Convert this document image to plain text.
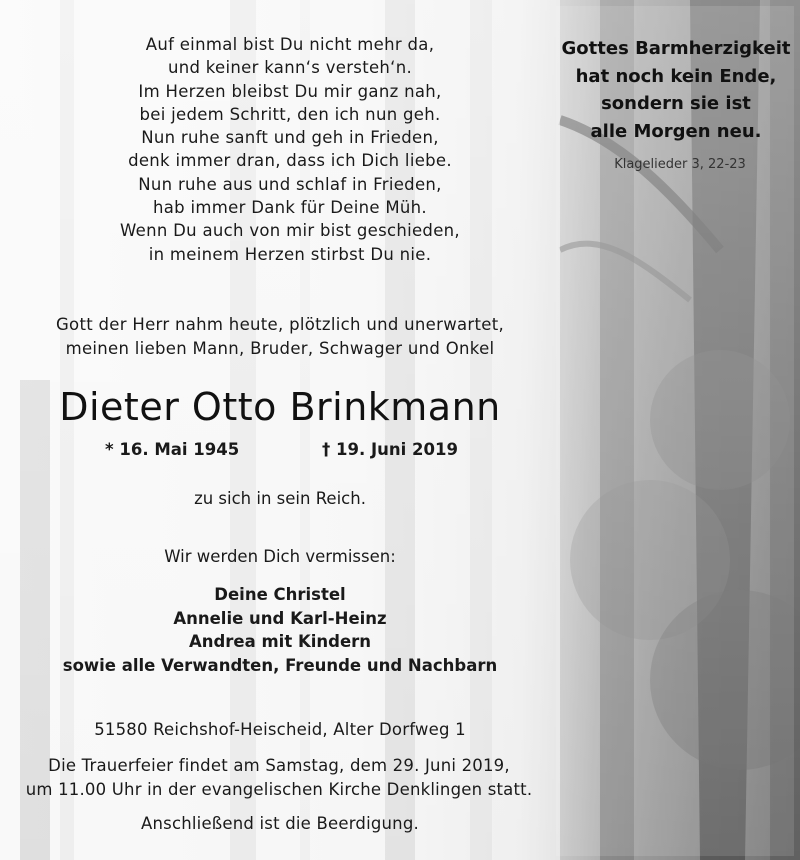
Auf einmal bist Du nicht mehr da,
und keiner kann‘s versteh‘n.
Im Herzen bleibst Du mir ganz nah,
bei jedem Schritt, den ich nun geh.
Nun ruhe sanft und geh in Frieden,
denk immer dran, dass ich Dich liebe.
Nun ruhe aus und schlaf in Frieden,
hab immer Dank für Deine Müh.
Wenn Du auch von mir bist geschieden,
in meinem Herzen stirbst Du nie.
Gott der Herr nahm heute, plötzlich und unerwartet,
meinen lieben Mann, Bruder, Schwager und Onkel
Dieter Otto Brinkmann
* 16. Mai 1945	† 19. Juni 2019
zu sich in sein Reich.
Wir werden Dich vermissen:
Deine Christel
Annelie und Karl-Heinz
Andrea mit Kindern
sowie alle Verwandten, Freunde und Nachbarn
51580 Reichshof-Heischeid, Alter Dorfweg 1
Die Trauerfeier findet am Samstag, dem 29. Juni 2019,
um 11.00 Uhr in der evangelischen Kirche Denklingen statt.
Anschließend ist die Beerdigung.
Gottes Barmherzigkeit
hat noch kein Ende,
sondern sie ist
alle Morgen neu.
Klagelieder 3, 22-23
